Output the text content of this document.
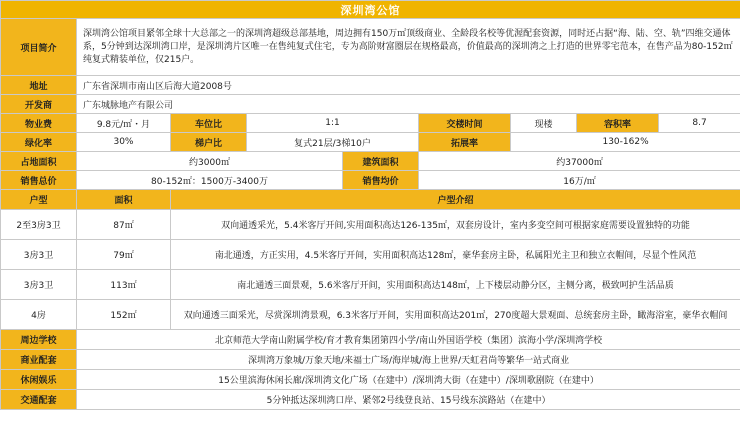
深圳湾公馆								
项目简介	深圳湾公馆项目紧邻全球十大总部之一的深圳湾超级总部基地，周边拥有150万㎡顶级商业、全龄段名校等优渥配套资源，同时还占据“海、陆、空、轨”四维交通体系，5分钟到达深圳湾口岸，是深圳湾片区唯一在售纯复式住宅，专为高阶财富圈层在规格最高，价值最高的深圳湾之上打造的世界零宅范本，在售产品为80-152㎡纯复式精装单位，仅215户。							
地址	广东省深圳市南山区后海大道2008号							
开发商	广东城脉地产有限公司							
物业费	9.8元/㎡・月	车位比	1:1		交楼时间	现楼	容积率	8.7
绿化率	30%	梯户比	复式21层/3梯10户		拓展率	130-162%		
占地面积	约3000㎡			建筑面积	约37000㎡			
销售总价	80-152㎡：1500万-3400万			销售均价	16万/㎡			
户型	面积	户型介绍						
2至3房3卫	87㎡	双向通透采光，5.4米客厅开间,实用面积高达126-135㎡，双套房设计，室内多变空间可根据家庭需要设置独特的功能						
3房3卫	79㎡	南北通透，方正实用，4.5米客厅开间，实用面积高达128㎡，豪华套房主卧，私属阳光主卫和独立衣帽间，尽显个性风范						
3房3卫	113㎡	南北通透三面景观，5.6米客厅开间，实用面积高达148㎡，上下楼层动静分区，主侧分离，极致呵护生活品质						
4房	152㎡	双向通透三面采光，尽赏深圳湾景观，6.3米客厅开间，实用面积高达201㎡，270度超大景观面、总统套房主卧，瞰海浴室，豪华衣帽间						
周边学校	北京师范大学南山附属学校/育才教育集团第四小学/南山外国语学校（集团）滨海小学/深圳湾学校							
商业配套	深圳湾万象城/万象天地/来福士广场/海岸城/海上世界/天虹君尚等繁华一站式商业							
休闲娱乐	15公里滨海休闲长廊/深圳湾文化广场（在建中）/深圳湾大街（在建中）/深圳歌剧院（在建中）							
交通配套	5分钟抵达深圳湾口岸、紧邻2号线登良站、15号线东滨路站（在建中）							
